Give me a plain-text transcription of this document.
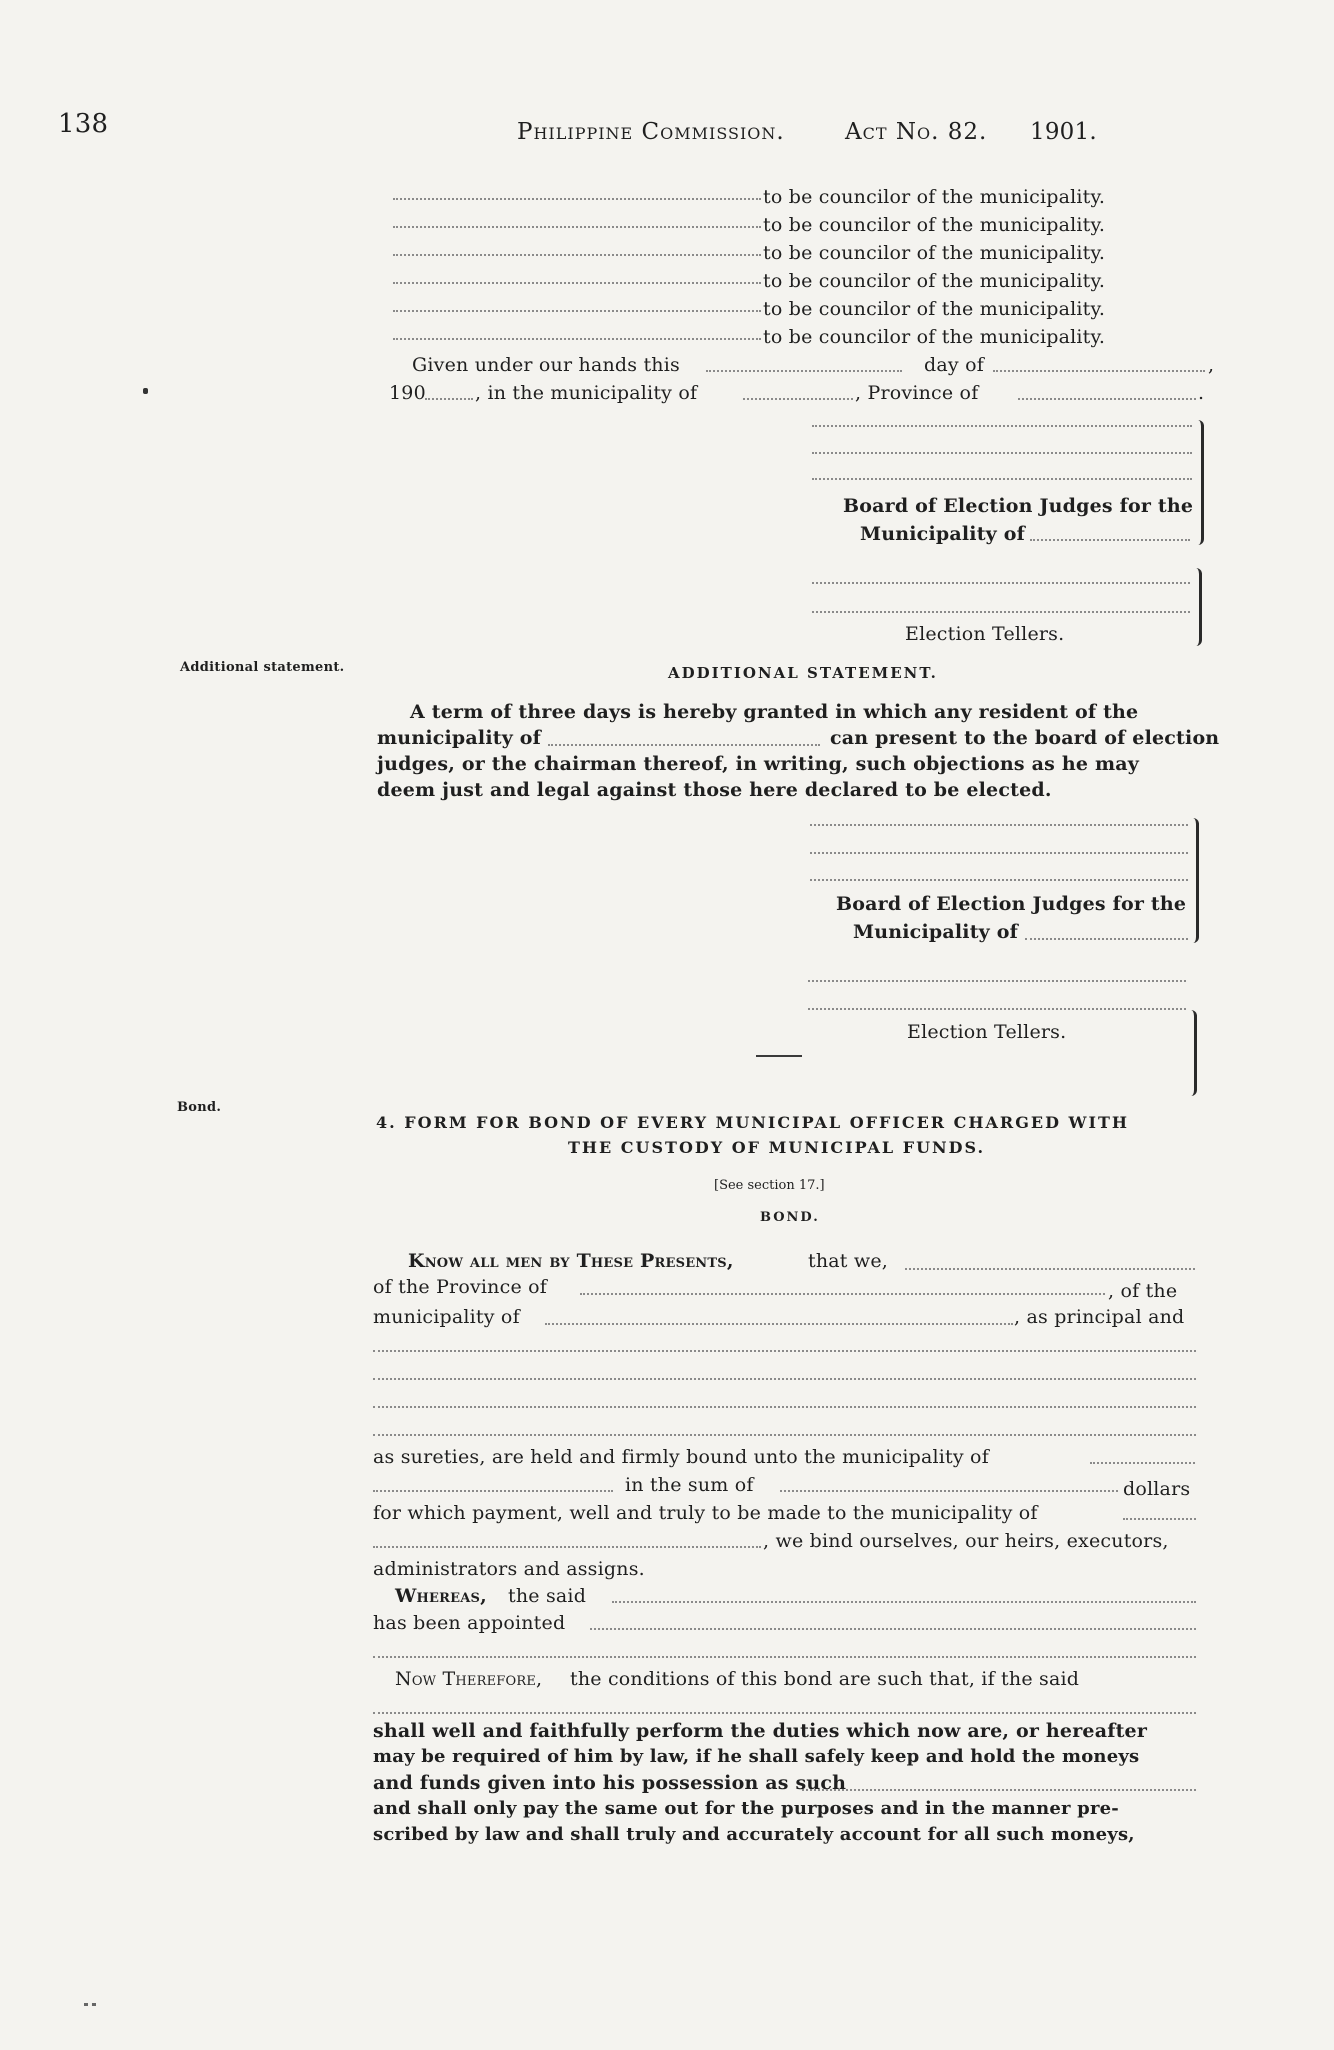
138	Philippine Commission.	Act No. 82. 1901.
to be councilor of the municipality.
to be councilor of the municipality.
to be councilor of the municipality.
to be councilor of the municipality.
to be councilor of the municipality.
to be councilor of the municipality.
Given under our hands this	day of	,
190	, in the municipality of	, Province of	.
Board of Election Judges for the
Municipality of
Election Tellers.
Additional statement.	ADDITIONAL STATEMENT.
A term of three days is hereby granted in which any resident of the
municipality of	can present to the board of election
judges, or the chairman thereof, in writing, such objections as he may
deem just and legal against those here declared to be elected.
Board of Election Judges for the
Municipality of
Election Tellers.
Bond.
4. FORM FOR BOND OF EVERY MUNICIPAL OFFICER CHARGED WITH
THE CUSTODY OF MUNICIPAL FUNDS.
[See section 17.]
BOND.
Know all men by These Presents,	that we,
of the Province of	, of the
municipality of	, as principal and
as sureties, are held and firmly bound unto the municipality of
in the sum of	dollars
for which payment, well and truly to be made to the municipality of
, we bind ourselves, our heirs, executors,
administrators and assigns.
Whereas, the said
has been appointed
Now Therefore, the conditions of this bond are such that, if the said
shall well and faithfully perform the duties which now are, or hereafter
may be required of him by law, if he shall safely keep and hold the moneys
and funds given into his possession as such
and shall only pay the same out for the purposes and in the manner pre-
scribed by law and shall truly and accurately account for all such moneys,
